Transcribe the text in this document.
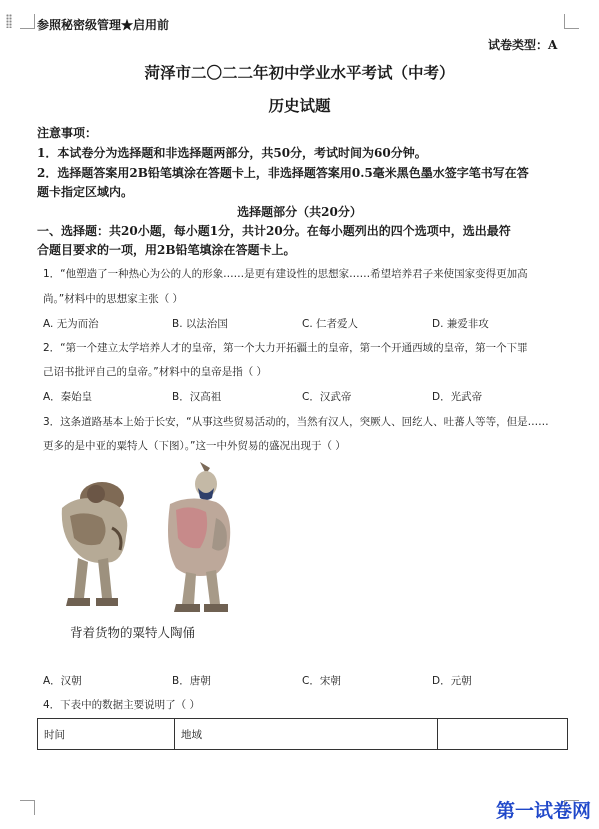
参照秘密级管理★启用前
试卷类型：A
菏泽市二〇二二年初中学业水平考试（中考）
历史试题
注意事项：
1．本试卷分为选择题和非选择题两部分，共50分，考试时间为60分钟。
2．选择题答案用2B铅笔填涂在答题卡上，非选择题答案用0.5毫米黑色墨水签字笔书写在答
题卡指定区域内。
选择题部分（共20分）
一、选择题：共20小题，每小题1分，共计20分。在每小题列出的四个选项中，选出最符
合题目要求的一项，用2B铅笔填涂在答题卡上。
1．“他塑造了一种热心为公的人的形象……是更有建设性的思想家……希望培养君子来使国家变得更加高
尚。”材料中的思想家主张（ ）
A. 无为而治	B. 以法治国	C. 仁者爱人	D. 兼爱非攻
2．“第一个建立太学培养人才的皇帝，第一个大力开拓疆土的皇帝，第一个开通西域的皇帝，第一个下罪
己诏书批评自己的皇帝。”材料中的皇帝是指（ ）
A．秦始皇	B．汉高祖	C．汉武帝	D．光武帝
3．这条道路基本上始于长安，“从事这些贸易活动的，当然有汉人，突厥人、回纥人、吐蕃人等等，但是……
更多的是中亚的粟特人（下图）。”这一中外贸易的盛况出现于（ ）
背着货物的粟特人陶俑
A．汉朝	B．唐朝	C．宋朝	D．元朝
4．下表中的数据主要说明了（ ）
时间	地域	
第一试卷网
